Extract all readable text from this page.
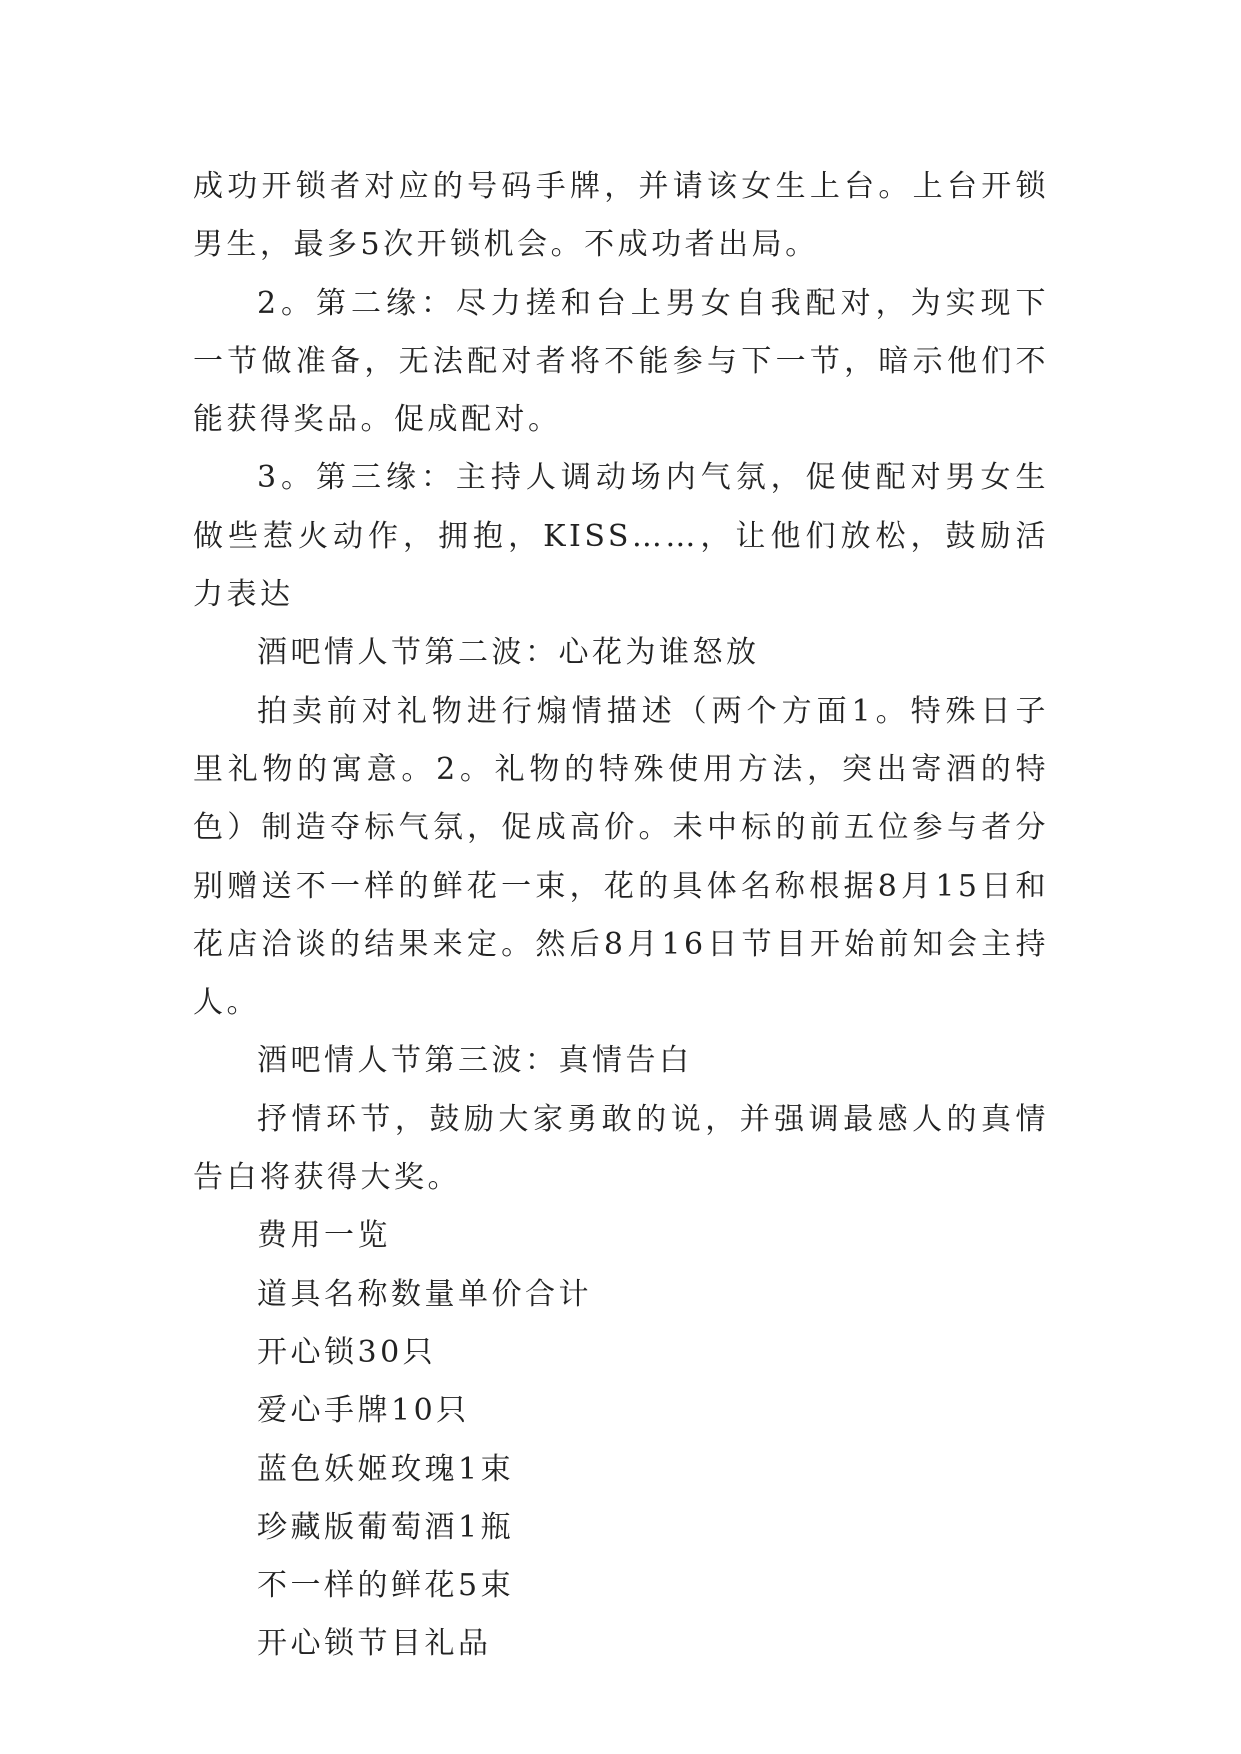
成功开锁者对应的号码手牌，并请该女生上台。上台开锁男生，最多5次开锁机会。不成功者出局。

2。第二缘：尽力搓和台上男女自我配对，为实现下一节做准备，无法配对者将不能参与下一节，暗示他们不能获得奖品。促成配对。

3。第三缘：主持人调动场内气氛，促使配对男女生做些惹火动作，拥抱，KISS……，让他们放松，鼓励活力表达

酒吧情人节第二波：心花为谁怒放

拍卖前对礼物进行煽情描述（两个方面1。特殊日子里礼物的寓意。2。礼物的特殊使用方法，突出寄酒的特色）制造夺标气氛，促成高价。未中标的前五位参与者分别赠送不一样的鲜花一束，花的具体名称根据8月15日和花店洽谈的结果来定。然后8月16日节目开始前知会主持人。

酒吧情人节第三波：真情告白

抒情环节，鼓励大家勇敢的说，并强调最感人的真情告白将获得大奖。

费用一览

道具名称数量单价合计

开心锁30只

爱心手牌10只

蓝色妖姬玫瑰1束

珍藏版葡萄酒1瓶

不一样的鲜花5束

开心锁节目礼品
